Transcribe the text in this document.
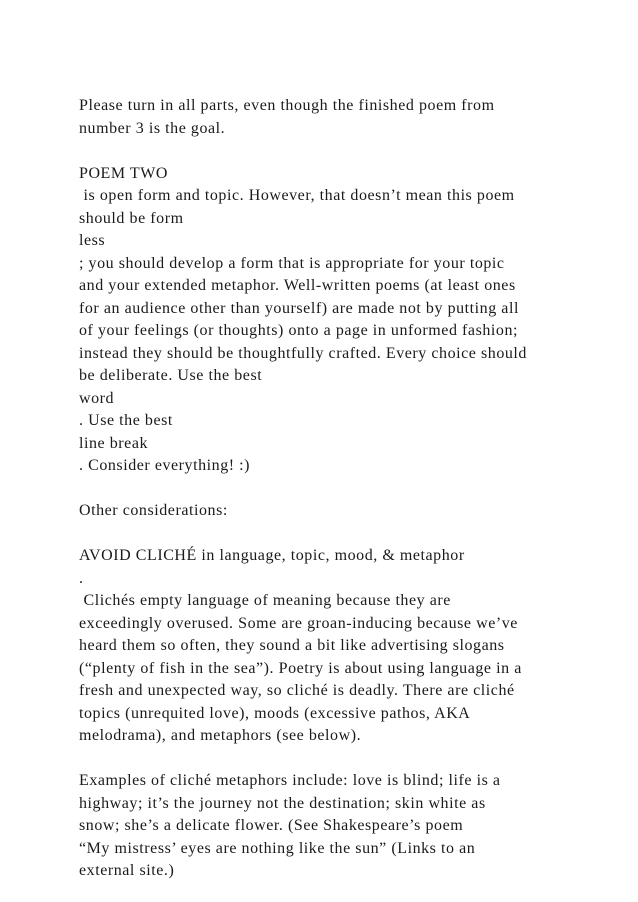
Please turn in all parts, even though the finished poem from
number 3 is the goal.
POEM TWO
is open form and topic. However, that doesn’t mean this poem
should be form
less
; you should develop a form that is appropriate for your topic
and your extended metaphor. Well-written poems (at least ones
for an audience other than yourself) are made not by putting all
of your feelings (or thoughts) onto a page in unformed fashion;
instead they should be thoughtfully crafted. Every choice should
be deliberate. Use the best
word
. Use the best
line break
. Consider everything! :)
Other considerations:
AVOID CLICHÉ in language, topic, mood, & metaphor
.
Clichés empty language of meaning because they are
exceedingly overused. Some are groan-inducing because we’ve
heard them so often, they sound a bit like advertising slogans
(“plenty of fish in the sea”). Poetry is about using language in a
fresh and unexpected way, so cliché is deadly. There are cliché
topics (unrequited love), moods (excessive pathos, AKA
melodrama), and metaphors (see below).
Examples of cliché metaphors include: love is blind; life is a
highway; it’s the journey not the destination; skin white as
snow; she’s a delicate flower. (See Shakespeare’s poem
“My mistress’ eyes are nothing like the sun” (Links to an
external site.)
